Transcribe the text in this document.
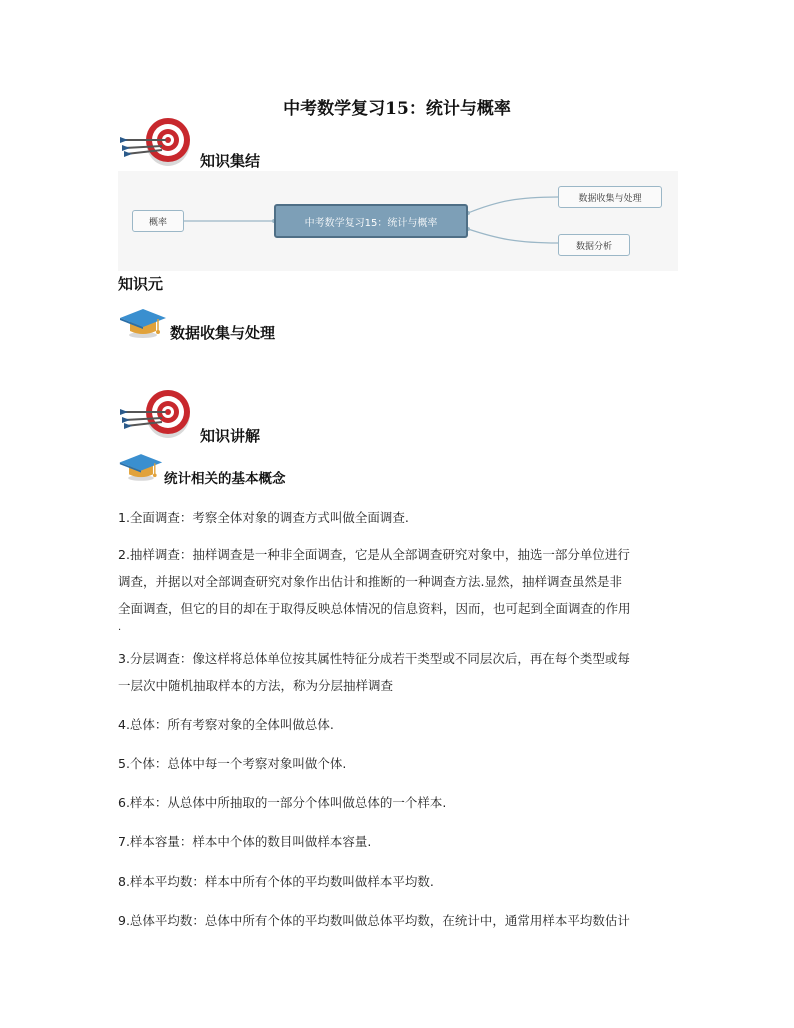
中考数学复习15：统计与概率
知识集结
概率	中考数学复习15：统计与概率
数据收集与处理
数据分析
知识元
数据收集与处理
知识讲解
统计相关的基本概念
1.全面调查：考察全体对象的调查方式叫做全面调查.
2.抽样调查：抽样调查是一种非全面调查，它是从全部调查研究对象中，抽选一部分单位进行
调查，并据以对全部调查研究对象作出估计和推断的一种调查方法.显然，抽样调查虽然是非
全面调查，但它的目的却在于取得反映总体情况的信息资料，因而，也可起到全面调查的作用
.
3.分层调查：像这样将总体单位按其属性特征分成若干类型或不同层次后，再在每个类型或每
一层次中随机抽取样本的方法，称为分层抽样调查
4.总体：所有考察对象的全体叫做总体.
5.个体：总体中每一个考察对象叫做个体.
6.样本：从总体中所抽取的一部分个体叫做总体的一个样本.
7.样本容量：样本中个体的数目叫做样本容量.
8.样本平均数：样本中所有个体的平均数叫做样本平均数.
9.总体平均数：总体中所有个体的平均数叫做总体平均数，在统计中，通常用样本平均数估计
